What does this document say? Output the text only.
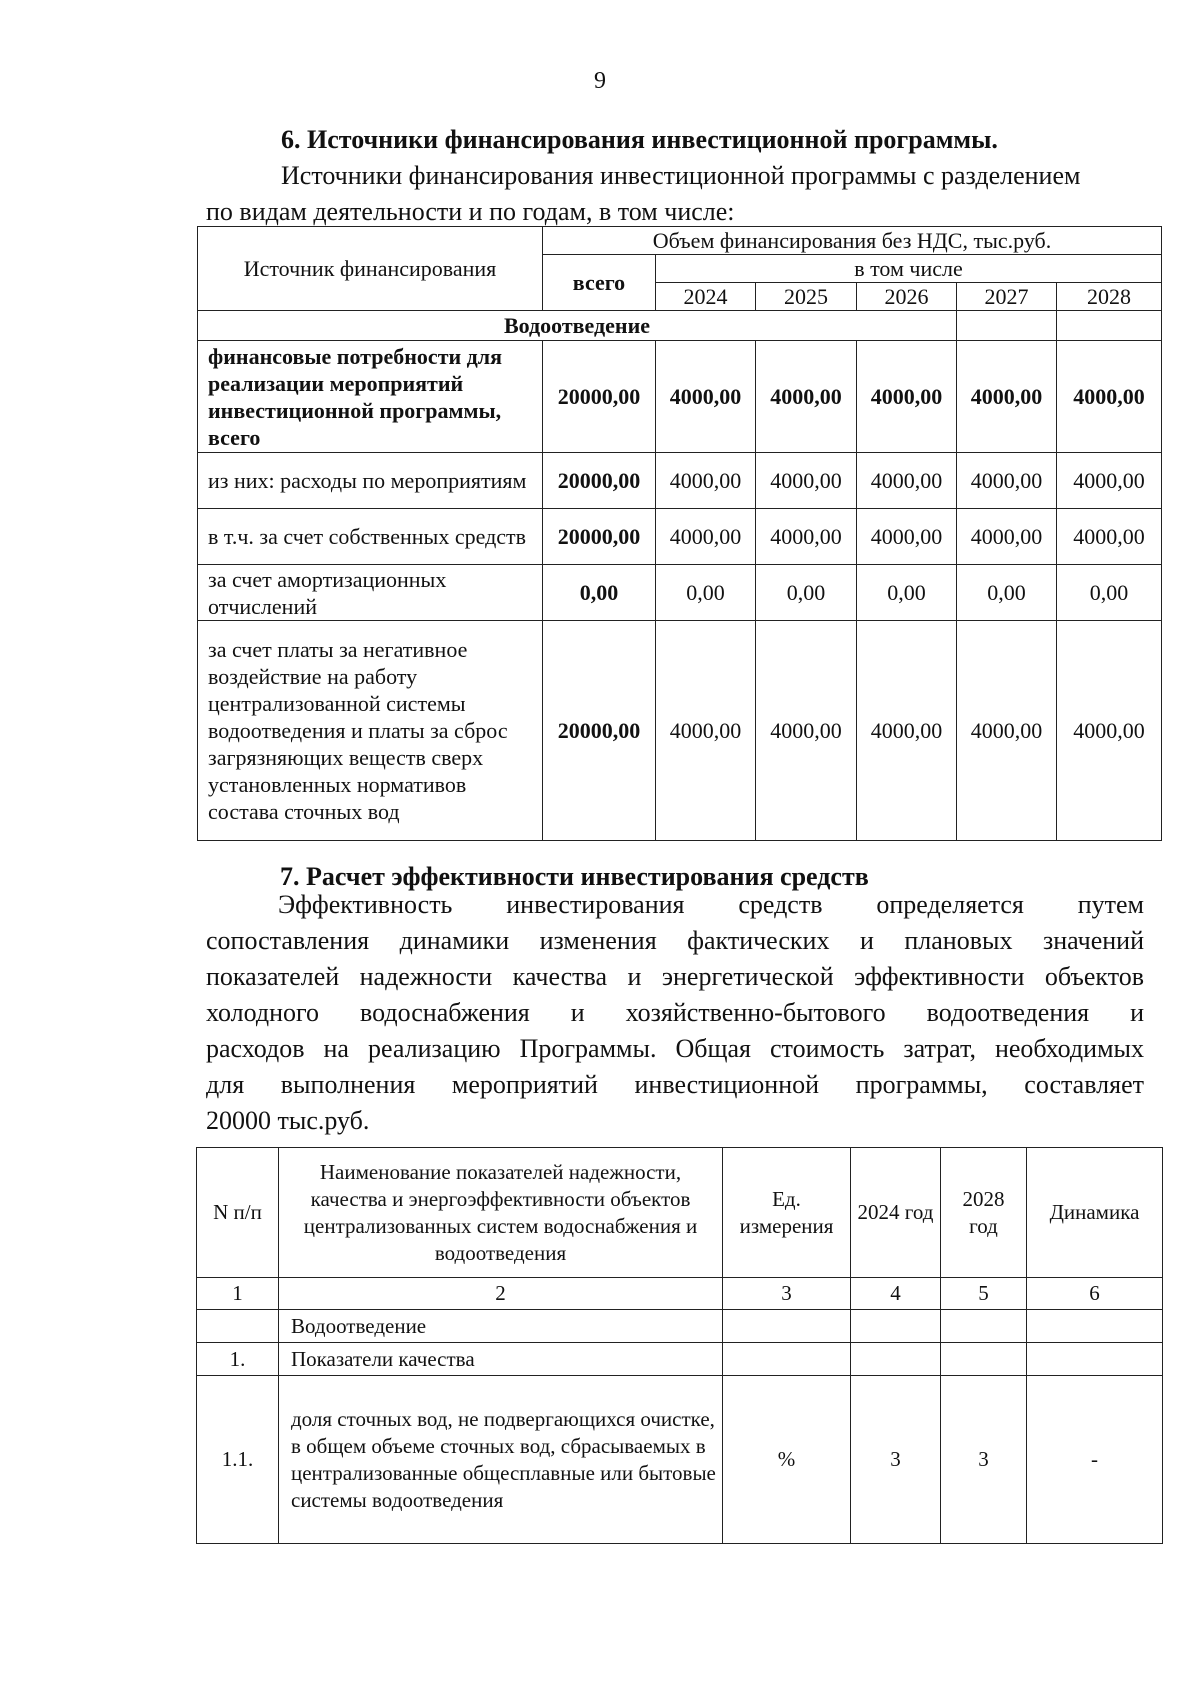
9
6. Источники финансирования инвестиционной программы.
Источники финансирования инвестиционной программы с разделением
по видам деятельности и по годам, в том числе:
Источник финансирования	Объем финансирования без НДС, тыс.руб.					
	всего	в том числе				
		2024	2025	2026	2027	2028
Водоотведение						
финансовые потребности для реализации мероприятий инвестиционной программы, всего	20000,00	4000,00	4000,00	4000,00	4000,00	4000,00
из них: расходы по мероприятиям	20000,00	4000,00	4000,00	4000,00	4000,00	4000,00
в т.ч. за счет собственных средств	20000,00	4000,00	4000,00	4000,00	4000,00	4000,00
за счет амортизационных отчислений	0,00	0,00	0,00	0,00	0,00	0,00
за счет платы за негативное воздействие на работу централизованной системы водоотведения и платы за сброс загрязняющих веществ сверх установленных нормативов состава сточных вод	20000,00	4000,00	4000,00	4000,00	4000,00	4000,00
7. Расчет эффективности инвестирования средств
Эффективность инвестирования средств определяется путем
сопоставления динамики изменения фактических и плановых значений
показателей надежности качества и энергетической эффективности объектов
холодного водоснабжения и хозяйственно-бытового водоотведения и
расходов на реализацию Программы. Общая стоимость затрат, необходимых
для выполнения мероприятий инвестиционной программы, составляет
20000 тыс.руб.
N п/п	Наименование показателей надежности, качества и энергоэффективности объектов централизованных систем водоснабжения и водоотведения	Ед. измерения	2024 год	2028 год	Динамика
1	2	3	4	5	6
	Водоотведение				
1.	Показатели качества				
1.1.	доля сточных вод, не подвергающихся очистке, в общем объеме сточных вод, сбрасываемых в централизованные общесплавные или бытовые системы водоотведения	%	3	3	-
